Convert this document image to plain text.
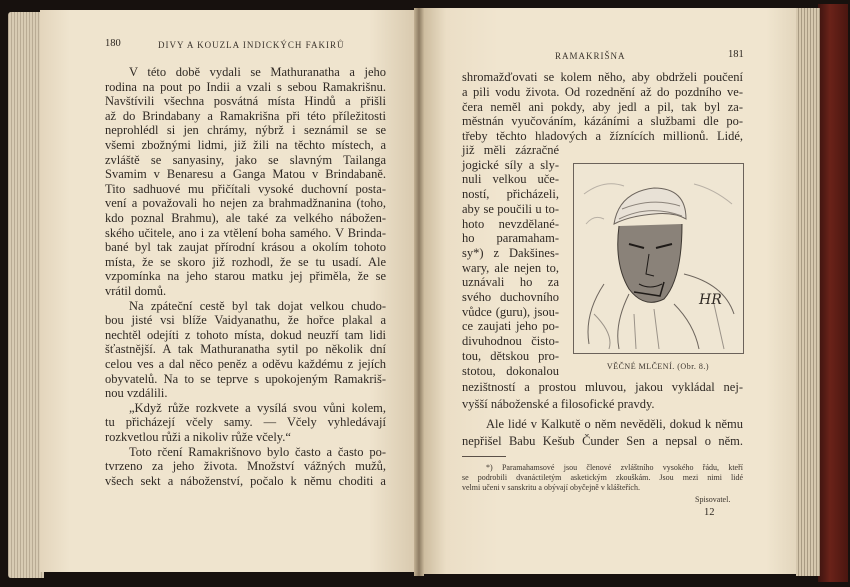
180	DIVY A KOUZLA INDICKÝCH FAKIRŮ
V této době vydali se Mathuranatha a jeho
rodina na pout po Indii a vzali s sebou Ramakrišnu.
Navštívili všechna posvátná místa Hindů a přišli
až do Brindabany a Ramakrišna při této příležitosti
neprohlédl si jen chrámy, nýbrž i seznámil se se
všemi zbožnými lidmi, již žili na těchto místech, a
zvláště se sanyasiny, jako se slavným Tailanga
Svamim v Benaresu a Ganga Matou v Brindabaně.
Tito sadhuové mu přičítali vysoké duchovní posta-
vení a považovali ho nejen za brahmadžnanina (toho,
kdo poznal Brahmu), ale také za velkého nábožen-
ského učitele, ano i za vtělení boha samého. V Brinda-
bané byl tak zaujat přírodní krásou a okolím tohoto
místa, že se skoro již rozhodl, že se tu usadí. Ale
vzpomínka na jeho starou matku jej přiměla, že se
vrátil domů.
Na zpáteční cestě byl tak dojat velkou chudo-
bou jisté vsi blíže Vaidyanathu, že hořce plakal a
nechtěl odejíti z tohoto místa, dokud neuzří tam lidi
šťastnější. A tak Mathuranatha sytil po několik dní
celou ves a dal něco peněz a oděvu každému z jejích
obyvatelů. Na to se teprve s upokojeným Ramakriš-
nou vzdálili.
„Když růže rozkvete a vysílá svou vůni kolem,
tu přicházejí včely samy. — Včely vyhledávají
rozkvetlou růži a nikoliv růže včely.“
Toto rčení Ramakrišnovo bylo často a často po-
tvrzeno za jeho života. Množství vážných mužů,
všech sekt a náboženství, počalo k němu choditi a
RAMAKRIŠNA	181
shromažďovati se kolem něho, aby obdrželi poučení
a pili vodu života. Od rozednění až do pozdního ve-
čera neměl ani pokdy, aby jedl a pil, tak byl za-
městnán vyučováním, kázáními a službami dle po-
třeby těchto hladových a žíznících millionů. Lidé,
již měli zázračné
jogické síly a sly-
nuli velkou uče-
ností, přicházeli,
aby se poučili u to-
hoto nevzdělané-
ho paramaham-
sy*) z Dakšines-
wary, ale nejen to,
uznávali ho za
svého duchovního
vůdce (guru), jsou-
ce zaujati jeho po-
divuhodnou čisto-
tou, dětskou pro-
stotou, dokonalou
nezištností a prostou mluvou, jakou vykládal nej-
vyšší náboženské a filosofické pravdy.
Ale lidé v Kalkutě o něm nevěděli, dokud k němu
nepřišel Babu Kešub Čunder Sen a nepsal o něm.
HR
VĚČNÉ MLČENÍ. (Obr. 8.)
*) Paramahamsové jsou členové zvláštního vysokého řádu, kteří
se podrobili dvanáctiletým asketickým zkouškám. Jsou mezi nimi lidé
velmi učeni v sanskritu a obývají obyčejně v klášteřích.
Spisovatel.
12
